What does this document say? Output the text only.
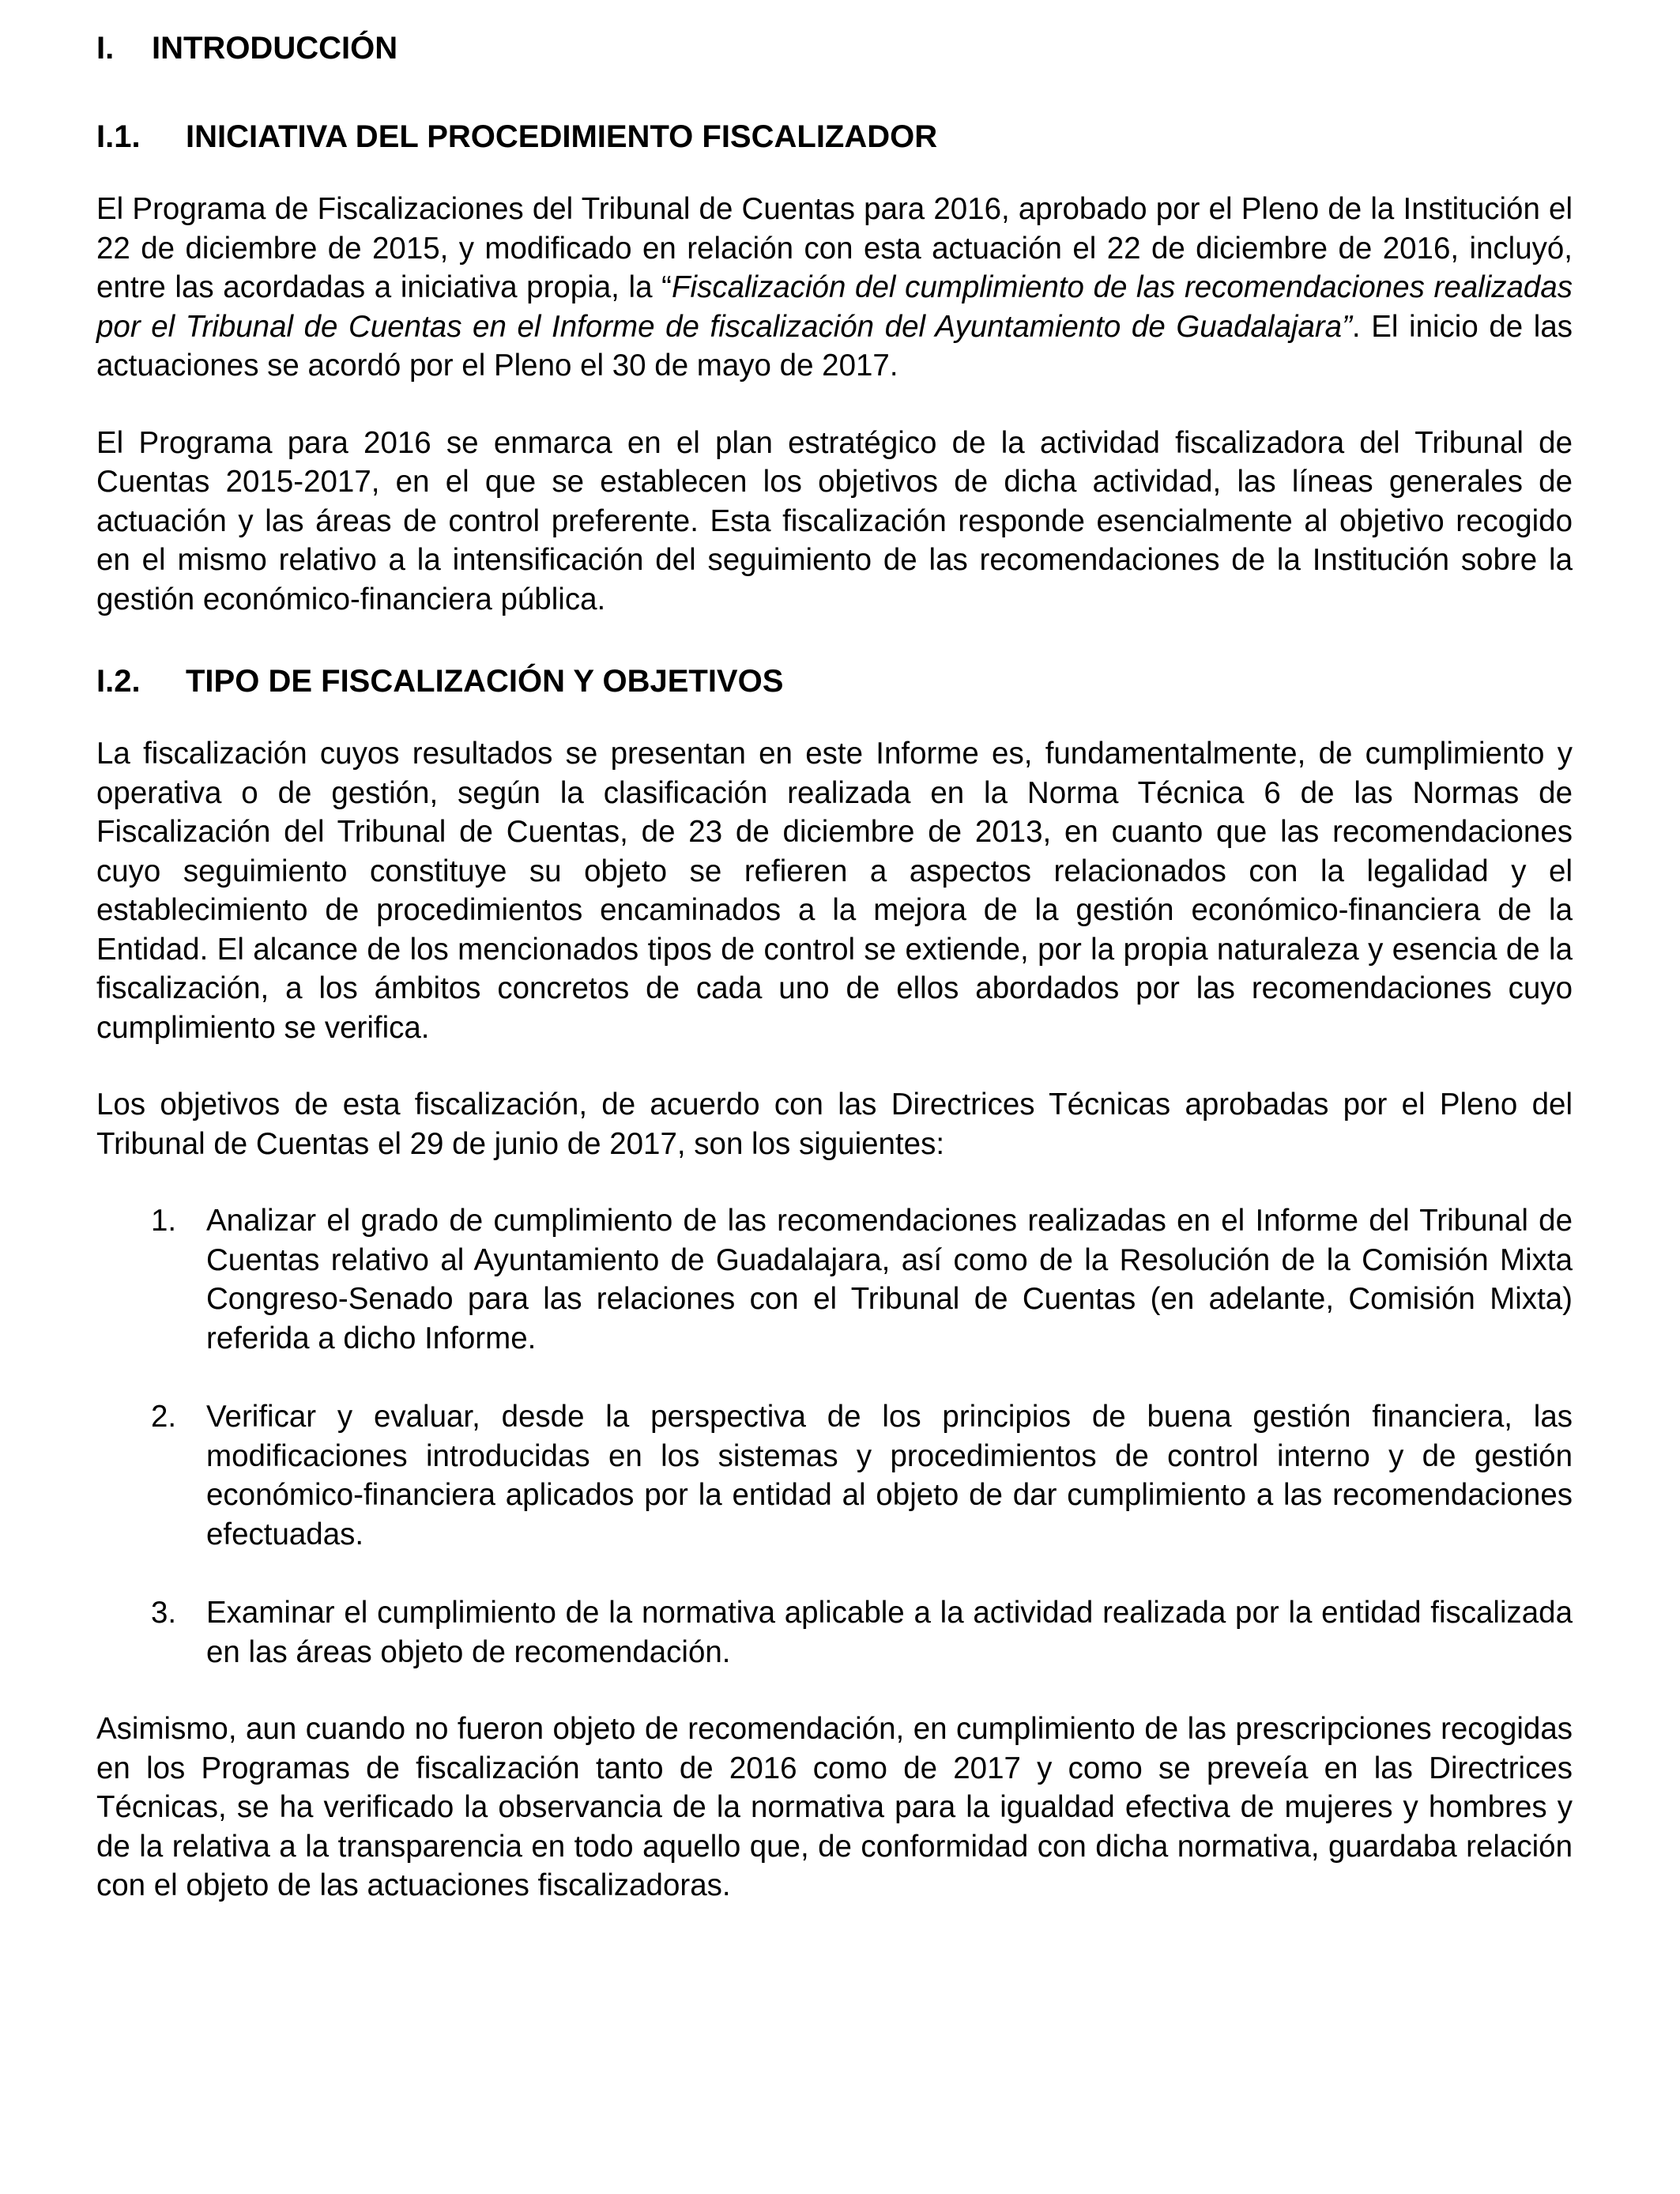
I. INTRODUCCIÓN
I.1. INICIATIVA DEL PROCEDIMIENTO FISCALIZADOR

El Programa de Fiscalizaciones del Tribunal de Cuentas para 2016, aprobado por el Pleno de la Institución el 22 de diciembre de 2015, y modificado en relación con esta actuación el 22 de diciembre de 2016, incluyó, entre las acordadas a iniciativa propia, la “Fiscalización del cumplimiento de las recomendaciones realizadas por el Tribunal de Cuentas en el Informe de fiscalización del Ayuntamiento de Guadalajara”. El inicio de las actuaciones se acordó por el Pleno el 30 de mayo de 2017.

El Programa para 2016 se enmarca en el plan estratégico de la actividad fiscalizadora del Tribunal de Cuentas 2015-2017, en el que se establecen los objetivos de dicha actividad, las líneas generales de actuación y las áreas de control preferente. Esta fiscalización responde esencialmente al objetivo recogido en el mismo relativo a la intensificación del seguimiento de las recomendaciones de la Institución sobre la gestión económico-financiera pública.

I.2. TIPO DE FISCALIZACIÓN Y OBJETIVOS

La fiscalización cuyos resultados se presentan en este Informe es, fundamentalmente, de cumplimiento y operativa o de gestión, según la clasificación realizada en la Norma Técnica 6 de las Normas de Fiscalización del Tribunal de Cuentas, de 23 de diciembre de 2013, en cuanto que las recomendaciones cuyo seguimiento constituye su objeto se refieren a aspectos relacionados con la legalidad y el establecimiento de procedimientos encaminados a la mejora de la gestión económico-financiera de la Entidad. El alcance de los mencionados tipos de control se extiende, por la propia naturaleza y esencia de la fiscalización, a los ámbitos concretos de cada uno de ellos abordados por las recomendaciones cuyo cumplimiento se verifica.

Los objetivos de esta fiscalización, de acuerdo con las Directrices Técnicas aprobadas por el Pleno del Tribunal de Cuentas el 29 de junio de 2017, son los siguientes:

1. Analizar el grado de cumplimiento de las recomendaciones realizadas en el Informe del Tribunal de Cuentas relativo al Ayuntamiento de Guadalajara, así como de la Resolución de la Comisión Mixta Congreso-Senado para las relaciones con el Tribunal de Cuentas (en adelante, Comisión Mixta) referida a dicho Informe.
2. Verificar y evaluar, desde la perspectiva de los principios de buena gestión financiera, las modificaciones introducidas en los sistemas y procedimientos de control interno y de gestión económico-financiera aplicados por la entidad al objeto de dar cumplimiento a las recomendaciones efectuadas.
3. Examinar el cumplimiento de la normativa aplicable a la actividad realizada por la entidad fiscalizada en las áreas objeto de recomendación.

Asimismo, aun cuando no fueron objeto de recomendación, en cumplimiento de las prescripciones recogidas en los Programas de fiscalización tanto de 2016 como de 2017 y como se preveía en las Directrices Técnicas, se ha verificado la observancia de la normativa para la igualdad efectiva de mujeres y hombres y de la relativa a la transparencia en todo aquello que, de conformidad con dicha normativa, guardaba relación con el objeto de las actuaciones fiscalizadoras.
